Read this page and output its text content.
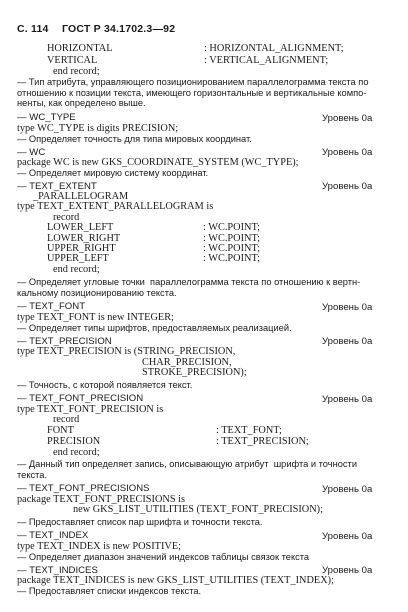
С. 114 ГОСТ Р 34.1702.3—92
HORIZONTAL	: HORIZONTAL_ALIGNMENT;
VERTICAL	: VERTICAL_ALIGNMENT;
end record;
— Тип атрибута, управляющего позиционированием параллелограмма текста по
отношению к позиции текста, имеющего горизонтальные и вертикальные компо-
ненты, как определено выше.
— WC_TYPE	Уровень 0а
type WC_TYPE is digits PRECISION;
— Определяет точность для типа мировых координат.
— WC	Уровень 0а
package WC is new GKS_COORDINATE_SYSTEM (WC_TYPE);
— Определяет мировую систему координат.
— TEXT_EXTENT	Уровень 0а
_PARALLELOGRAM
type TEXT_EXTENT_PARALLELOGRAM is
record
LOWER_LEFT	: WC.POINT;
LOWER_RIGHT	: WC.POINT;
UPPER_RIGHT	: WC.POINT;
UPPER_LEFT	: WC.POINT;
end record;
— Определяет угловые точки  параллелограмма текста по отношению к вертн-
кальному позиционированию текста.
— TEXT_FONT	Уровень 0а
type TEXT_FONT is new INTEGER;
— Определяет типы шрифтов, предоставляемых реализацией.
— TEXT_PRECISION	Уровень 0а
type TEXT_PRECISION is (STRING_PRECISION,
CHAR_PRECISION,
STROKE_PRECISION);
— Точность, с которой появляется текст.
— TEXT_FONT_PRECISION	Уровень 0а
type TEXT_FONT_PRECISION is
record
FONT	: TEXT_FONT;
PRECISION	: TEXT_PRECISION;
end record;
— Данный тип определяет запись, описывающую атрибут  шрифта и точности
текста.
— TEXT_FONT_PRECISIONS	Уровень 0а
package TEXT_FONT_PRECISIONS is
new GKS_LIST_UTILITIES (TEXT_FONT_PRECISION);
— Предоставляет список пар шрифта и точности текста.
— TEXT_INDEX	Уровень 0а
type TEXT_INDEX is new POSITIVE;
— Определяет диапазон значений индексов таблицы связок текста
— TEXT_INDICES	Уровень 0а
package TEXT_INDICES is new GKS_LIST_UTILITIES (TEXT_INDEX);
— Предоставляет списки индексов текста.
